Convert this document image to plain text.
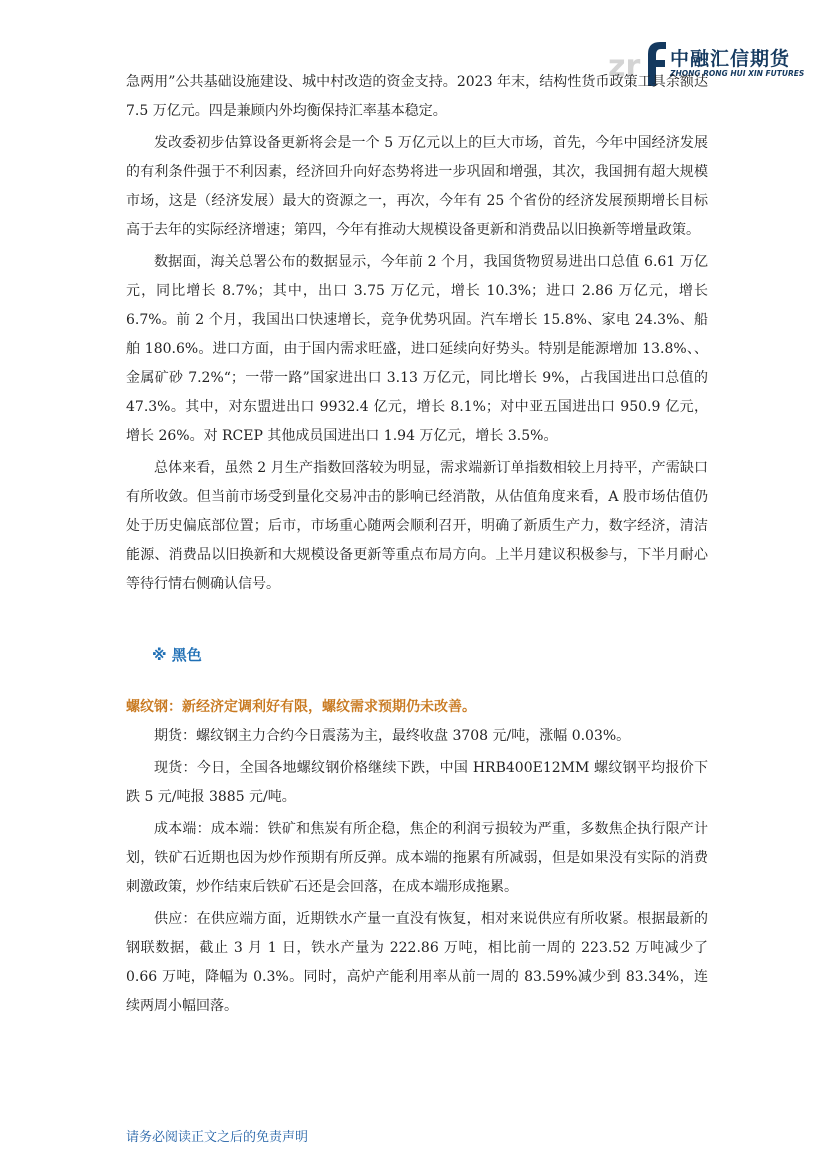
zr 中融汇信期货
ZHONG RONG HUI XIN FUTURES

急两用”公共基础设施建设、城中村改造的资金支持。2023 年末，结构性货币政策工具余额达 7.5 万亿元。四是兼顾内外均衡保持汇率基本稳定。

发改委初步估算设备更新将会是一个 5 万亿元以上的巨大市场，首先，今年中国经济发展的有利条件强于不利因素，经济回升向好态势将进一步巩固和增强，其次，我国拥有超大规模市场，这是（经济发展）最大的资源之一，再次，今年有 25 个省份的经济发展预期增长目标高于去年的实际经济增速；第四，今年有推动大规模设备更新和消费品以旧换新等增量政策。

数据面，海关总署公布的数据显示，今年前 2 个月，我国货物贸易进出口总值 6.61 万亿元，同比增长 8.7%；其中，出口 3.75 万亿元，增长 10.3%；进口 2.86 万亿元，增长 6.7%。前 2 个月，我国出口快速增长，竞争优势巩固。汽车增长 15.8%、家电 24.3%、船舶 180.6%。进口方面，由于国内需求旺盛，进口延续向好势头。特别是能源增加 13.8%、、金属矿砂 7.2%“；一带一路”国家进出口 3.13 万亿元，同比增长 9%，占我国进出口总值的 47.3%。其中，对东盟进出口 9932.4 亿元，增长 8.1%；对中亚五国进出口 950.9 亿元，增长 26%。对 RCEP 其他成员国进出口 1.94 万亿元，增长 3.5%。

总体来看，虽然 2 月生产指数回落较为明显，需求端新订单指数相较上月持平，产需缺口有所收敛。但当前市场受到量化交易冲击的影响已经消散，从估值角度来看，A 股市场估值仍处于历史偏底部位置；后市，市场重心随两会顺利召开，明确了新质生产力，数字经济，清洁能源、消费品以旧换新和大规模设备更新等重点布局方向。上半月建议积极参与，下半月耐心等待行情右侧确认信号。

※ 黑色
螺纹钢：新经济定调利好有限，螺纹需求预期仍未改善。

期货：螺纹钢主力合约今日震荡为主，最终收盘 3708 元/吨，涨幅 0.03%。

现货：今日，全国各地螺纹钢价格继续下跌，中国 HRB400E12MM 螺纹钢平均报价下跌 5 元/吨报 3885 元/吨。

成本端：成本端：铁矿和焦炭有所企稳，焦企的利润亏损较为严重，多数焦企执行限产计划，铁矿石近期也因为炒作预期有所反弹。成本端的拖累有所减弱，但是如果没有实际的消费刺激政策，炒作结束后铁矿石还是会回落，在成本端形成拖累。

供应：在供应端方面，近期铁水产量一直没有恢复，相对来说供应有所收紧。根据最新的钢联数据，截止 3 月 1 日，铁水产量为 222.86 万吨，相比前一周的 223.52 万吨减少了 0.66 万吨，降幅为 0.3%。同时，高炉产能利用率从前一周的 83.59%减少到 83.34%，连续两周小幅回落。

请务必阅读正文之后的免责声明
